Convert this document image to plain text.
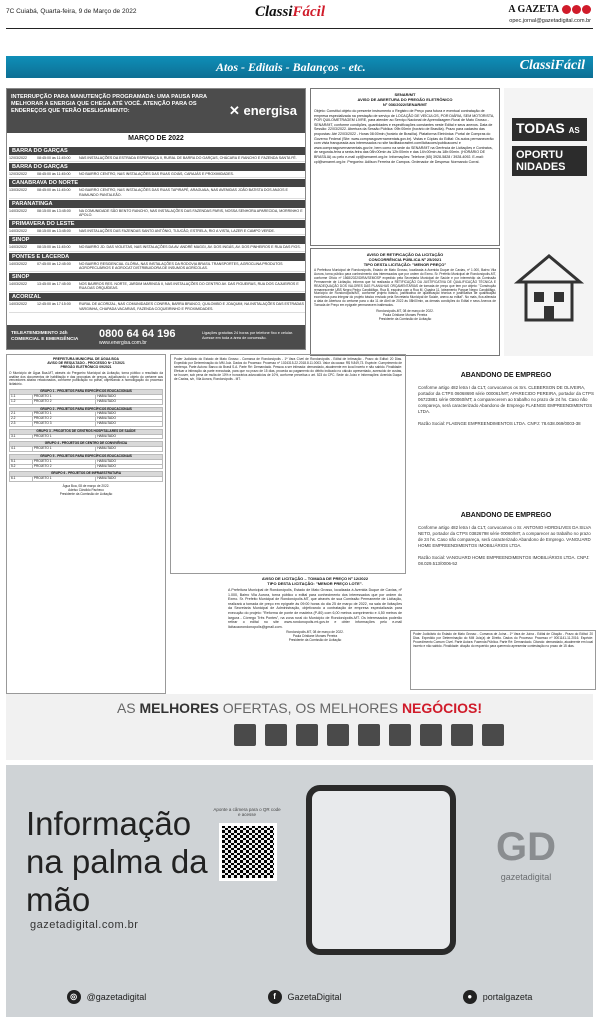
7C Cuiabá, Quarta-feira, 9 de Março de 2022	ClassiFácil	A GAZETA
opec.jornal@gazetadigital.com.br
Atos - Editais - Balanços - etc.	ClassiFácil
INTERRUPÇÃO PARA MANUTENÇÃO PROGRAMADA: UMA PAUSA PARA MELHORAR A ENERGIA QUE CHEGA ATÉ VOCÊ. ATENÇÃO PARA OS ENDEREÇOS QUE TERÃO DESLIGAMENTO:	✕ energisa
MARÇO DE 2022
BARRA DO GARÇAS
12/03/2022	08:45:00 às 11:45:00	NAS INSTALAÇÕES DA ESTRADA ESPERANÇA II, RURAL DE BARRA DO GARÇAS, CHÁCARA E RANCHO E FAZENDA SANTA FÉ.
BARRA DO GARÇAS
12/03/2022	08:45:00 às 11:45:00	NO BAIRRO CENTRO, NAS INSTALAÇÕES DAS RUAS GOIÁS, CARAJÁS E PROXIMIDADES.
CANABRAVA DO NORTE
13/03/2022	08:45:00 às 11:45:00	NO BAIRRO CENTRO, NAS INSTALAÇÕES DAS RUAS TAPIRAPÉ, ARAGUAIA, NAS AVENIDAS JOÃO BATISTA DOS ANJOS E RAIMUNDO PANTALEÃO.
PARANATINGA
14/03/2022	08:15:00 às 13:45:00	NA COMUNIDADE SÃO BENTO RANCHO, NAS INSTALAÇÕES DAS FAZENDAS PARIS, NOSSA SENHORA APARECIDA, MORRINHO E APOLO.
PRIMAVERA DO LESTE
14/03/2022	08:15:00 às 13:45:00	NAS INSTALAÇÕES DAS FAZENDAS SANTO ANTÔNIO, TIJUCÃO, ESTRELA, RIO A VISTA, LAZER E CAMPO VERDE.
SINOP
14/03/2022	08:15:00 às 11:45:00	NO BAIRRO JD. DAS VIOLETAS, NAS INSTALAÇÕES DA AV. ANDRÉ MAGGI, AV. DOS INGÁS, AV. DOS PINHEIROS E RUA DAS FIGS.
PONTES E LACERDA
14/03/2022	07:45:00 às 12:45:00	NO BAIRRO RESIDENCIAL GLÓRIA, NAS INSTALAÇÕES DA RODOVIA BRASIL TRANSPORTES, AGROCLINA PRODUTOS AGROPECUÁRIOS E AGROCAT DISTRIBUIDORA DE INSUMOS AGRÍCOLAS.
SINOP
14/03/2022	13:45:00 às 17:45:00	NOS BAIRROS RES. NORTE, JARDIM MARINGÁ II, NAS INSTALAÇÕES DO CENTRO AV. DAS FIGUEIRAS, RUA DOS CAJUEIROS E RUA DAS ORQUÍDEAS.
ACORIZAL
14/03/2022	12:45:00 às 17:15:00	RURAL DE ACORIZAL, NAS COMUNIDADES CONRRA, BARRA BRANCO, QUILOMBO E JOAQUIM, NA INSTALAÇÕES DAS ESTRADAS VARGINHA, CHAPADA VACARIAS, FAZENDA COQUEIRINHO E PROXIMIDADES.
TELEATENDIMENTO 24h COMERCIAL E EMERGÊNCIA	0800 64 64 196
www.energisa.com.br
Ligações gratuitas 24 horas por telefone fixo e celular. Acesse em toda a área de concessão.
SENAR/MT
AVISO DE ABERTURA DO PREGÃO ELETRÔNICO
N° 036/2022/SENAR/MT
Objeto: Constitui objeto do presente instrumento o Registro de Preço para futura e eventual contratação de empresa especializada na prestação de serviço de LOCAÇÃO DE VEÍCULOS, POR DIÁRIA, SEM MOTORISTA, POR QUILOMETRAGEM LIVRE, para atender ao Serviço Nacional de Aprendizagem Rural de Mato Grosso - SENAR/MT, conforme condições, quantidades e especificações constantes neste Edital e seus anexos. Data de Sessão: 22/03/2022. Abertura da Sessão Pública: 09h:00min (horário de Brasília). Prazo para cadastro das propostas: Até 22/03/2022 - Horas 08:00min (horário de Brasília). Plataforma Eletrônica: Portal de Compras do Governo Federal (Site: www.comprasgovernamentais.gov.br). Vistas e Cópias do Edital: Os autos permanecerão com vista franqueada aos interessados no site facilitadorasfmt.com/licitacoes/publicacoes/ e www.comprasgovernamentais.gov.br, bem como na sede do SENAR/MT na Gerência de Licitações e Contratos, de segunda-feira a sexta-feira das 08h:00min às 12h:00min e das 14h:00min às 18h:00min. (HORÁRIO DE BRASÍLIA) ou pelo e-mail cpl@senarmt.org.br. Informações: Telefone (65) 3928-5828 / 3928-4092. E-mail: cpl@senarmt.org.br. Pregoeiro: Adilson Ferreira de Campos. Ordenador de Despesa: Normando Corral.
TODAS AS
OPORTU NIDADES
AVISO DE RETIFICAÇÃO DA LICITAÇÃO
CONCORRÊNCIA PÚBLICA Nº 25/2021
TIPO DESTA LICITAÇÃO: "MENOR PREÇO"
A Prefeitura Municipal de Rondonópolis, Estado de Mato Grosso, localizada à Avenida Duque de Caxias, nº 1.000, Bairro Vila Aurora, torna público para conhecimento dos interessados que por ordem do Exmo. Sr. Prefeito Municipal de Rondonópolis-MT, conforme Ofício nº 1568/2022/DIRA/SEMOSP expedido pela Secretaria Municipal de Saúde e por intermédio da Comissão Permanente de Licitação, informa que foi realizada a RETIFICAÇÃO DA JUSTIFICATIVA DE QUALIFICAÇÃO TÉCNICA E READEQUAÇÃO DOS VALORES DAS PLANILHAS ORÇAMENTÁRIAS de tomada de preço que tem por objeto: "Construção remanescente UBS Negro Pedro Candidiãgo, Rua B, esquina com a Rua M, Quadra 11, loteamento Parque Negro Candidiãgo, Município de Rondonópolis/MT, conforme projeto básico, justificativa de qualificação técnica e justificativa de qualificação econômica para integrar do projeto básico enviado pela Secretaria Municipal de Saúde, anexo ao edital". No mais, fica alterada a data de Abertura do certame para o dia 11 de Abril de 2022 às 08h00min, as demais condições do Edital e seus Anexos de Tomada de Preço em epígrafe permanecem inalterados.
Rondonópolis-MT, 08 de março de 2022.
Paula Cristiane Moraes Pereira
Presidente da Comissão de Licitação
PREFEITURA MUNICIPAL DE ÁGUA BOA
AVISO DE RESULTADO - PROCESSO Nº 17/2021
PREGÃO ELETRÔNICO 09/2021
O Município de Água Boa-MT, através do Pregoeiro Municipal da Licitação, torna público o resultado da análise dos documentos de habilitação e das propostas de preços, adjudicando o objeto do certame aos vencedores abaixo relacionados, conforme publicação no portal, objetivando a homologação do processo licitatório.
GRUPO 1 - PROJETOS PARA ESPECÍFICOS EDUCACIONAIS		
1.1	PROJETO 1	HABILITADO
1.2	PROJETO 2	HABILITADO
GRUPO 2 - PROJETOS PARA ESPECÍFICOS EDUCACIONAIS		
2.1	PROJETO 1	HABILITADO
2.2	PROJETO 2	HABILITADO
2.3	PROJETO 3	HABILITADO
GRUPO 3 - PROJETOS DE CENTROS HOSPITALARES DE SAÚDE
3.1	PROJETO 1	HABILITADO
GRUPO 4 - PROJETOS DE CENTRO DE CONVIVÊNCIA
4.1	PROJETO 1	HABILITADO
GRUPO 5 - PROJETOS PARA ESPECÍFICOS EDUCACIONAIS		
5.1	PROJETO 1	HABILITADO
5.2	PROJETO 2	HABILITADO
GRUPO 6 - PROJETOS DE INFRAESTRUTURA
6.1	PROJETO 1	HABILITADO
Água Boa, 08 de março de 2022.
Adelso Cândido Pacheco
Presidente da Comissão de Licitação
Poder Judiciário do Estado de Mato Grosso - Comarca de Rondonópolis - 1ª Vara Cível de Rondonópolis - Edital de Intimação - Prazo do Edital: 20 Dias. Expedido por Determinação do MM Juiz. Dados do Processo: Processo nº 1024315-22.2018.8.11.0003. Valor da causa: R$ 9.849,73. Espécie: Cumprimento de sentença. Parte Autora: Banco do Brasil S.A. Parte Ré: Demandado. Pessoa a ser intimada: demandado, atualmente em local incerto e não sabido. Finalidade: Efetuar a intimação da parte executada, para que no prazo de 15 dias, proceda ao pagamento do débito indicado no cálculo apresentado, acrescido de custas, se houver, sob pena de multa de 10% e honorários advocatícios de 10%, conforme preceitua o art. 523 do CPC. Sede do Juízo e Informações: Avenida Duque de Caxias, s/n, Vila Aurora, Rondonópolis - MT.
AVISO DE LICITAÇÃO – TOMADA DE PREÇO Nº 12/2022
TIPO DESTA LICITAÇÃO: "MENOR PREÇO LOTE".
A Prefeitura Municipal de Rondonópolis, Estado de Mato Grosso, localizada à Avenida Duque de Caxias, nº 1.000, Bairro Vila Aurora, torna público o edital para conhecimento dos interessados que por ordem do Exmo. Sr. Prefeito Municipal de Rondonópolis-MT, que através de sua Comissão Permanente de Licitação, realizará a tomada de preço em epígrafe às 09:00 horas do dia 25 de março de 2022, na sala de licitações da Secretaria Municipal de Administração, objetivando a contratação de empresa especializada para execução do projeto: "Reforma de ponte de madeira (P-80) com 6,00 metros comprimento e 4,50 metros de largura - Córrego Três Pontes", na zona rural do Município de Rondonópolis-MT. Os interessados poderão retirar o edital no site www.rondonopolis.mt.gov.br e obter informações pelo e-mail licitacaorondonopolis@gmail.com.
Rondonópolis-MT, 08 de março de 2022.
Paula Cristiane Moraes Pereira
Presidente da Comissão de Licitação
ABANDONO DE EMPREGO
Conforme artigo 482 letra I da CLT, convocamos os Srs. CLEBERSON DE OLIVEIRA, portador da CTPS 06068690 série 000061/MT; APARECIDO PEREIRA, portador da CTPS 06723881 série 000060/MT; a comparecerem ao trabalho no prazo de 24 hs. Caso não compareça, será caracterizado Abandono de Emprego FLAENGE EMPREENDIMENTOS LTDA.
Razão Social: FLAENGE EMPREENDIMENTOS LTDA. CNPJ: 78.638.069/0003-38
ABANDONO DE EMPREGO
Conforme artigo 482 letra I da CLT, convocamos o Sr. ANTONIO HORDILIVES DA SILVA NETO, portador da CTPS 03826798 série 00060/MT, a comparecer ao trabalho no prazo de 24 hs. Caso não compareça, será caracterizado Abandono de Emprego. VANGUARD HOME EMPREENDIMENTOS IMOBILIÁRIOS LTDA.
Razão Social: VANGUARD HOME EMPREENDIMENTOS IMOBILIÁRIOS LTDA. CNPJ: 08.029.513/0006-52
Poder Judiciário do Estado de Mato Grosso - Comarca de Juína - 1ª Vara de Juína - Edital de Citação - Prazo do Edital: 20 Dias. Expedido por Determinação do MM Juiz(a) de Direito. Dados do Processo: Processo nº 0001141-11.2016. Espécie: Procedimento Comum Cível. Parte Autora: Fazenda Pública. Parte Ré: Demandado. Citando: demandado, atualmente em local incerto e não sabido. Finalidade: citação do requerido para querendo apresentar contestação no prazo de 15 dias.
AS MELHORES OFERTAS, OS MELHORES NEGÓCIOS!
Informação na palma da mão
gazetadigital.com.br
Aponte a câmera para o QR code e acesse
GD
gazetadigital
◎	@gazetadigital	f	GazetaDigital	●	portalgazeta
